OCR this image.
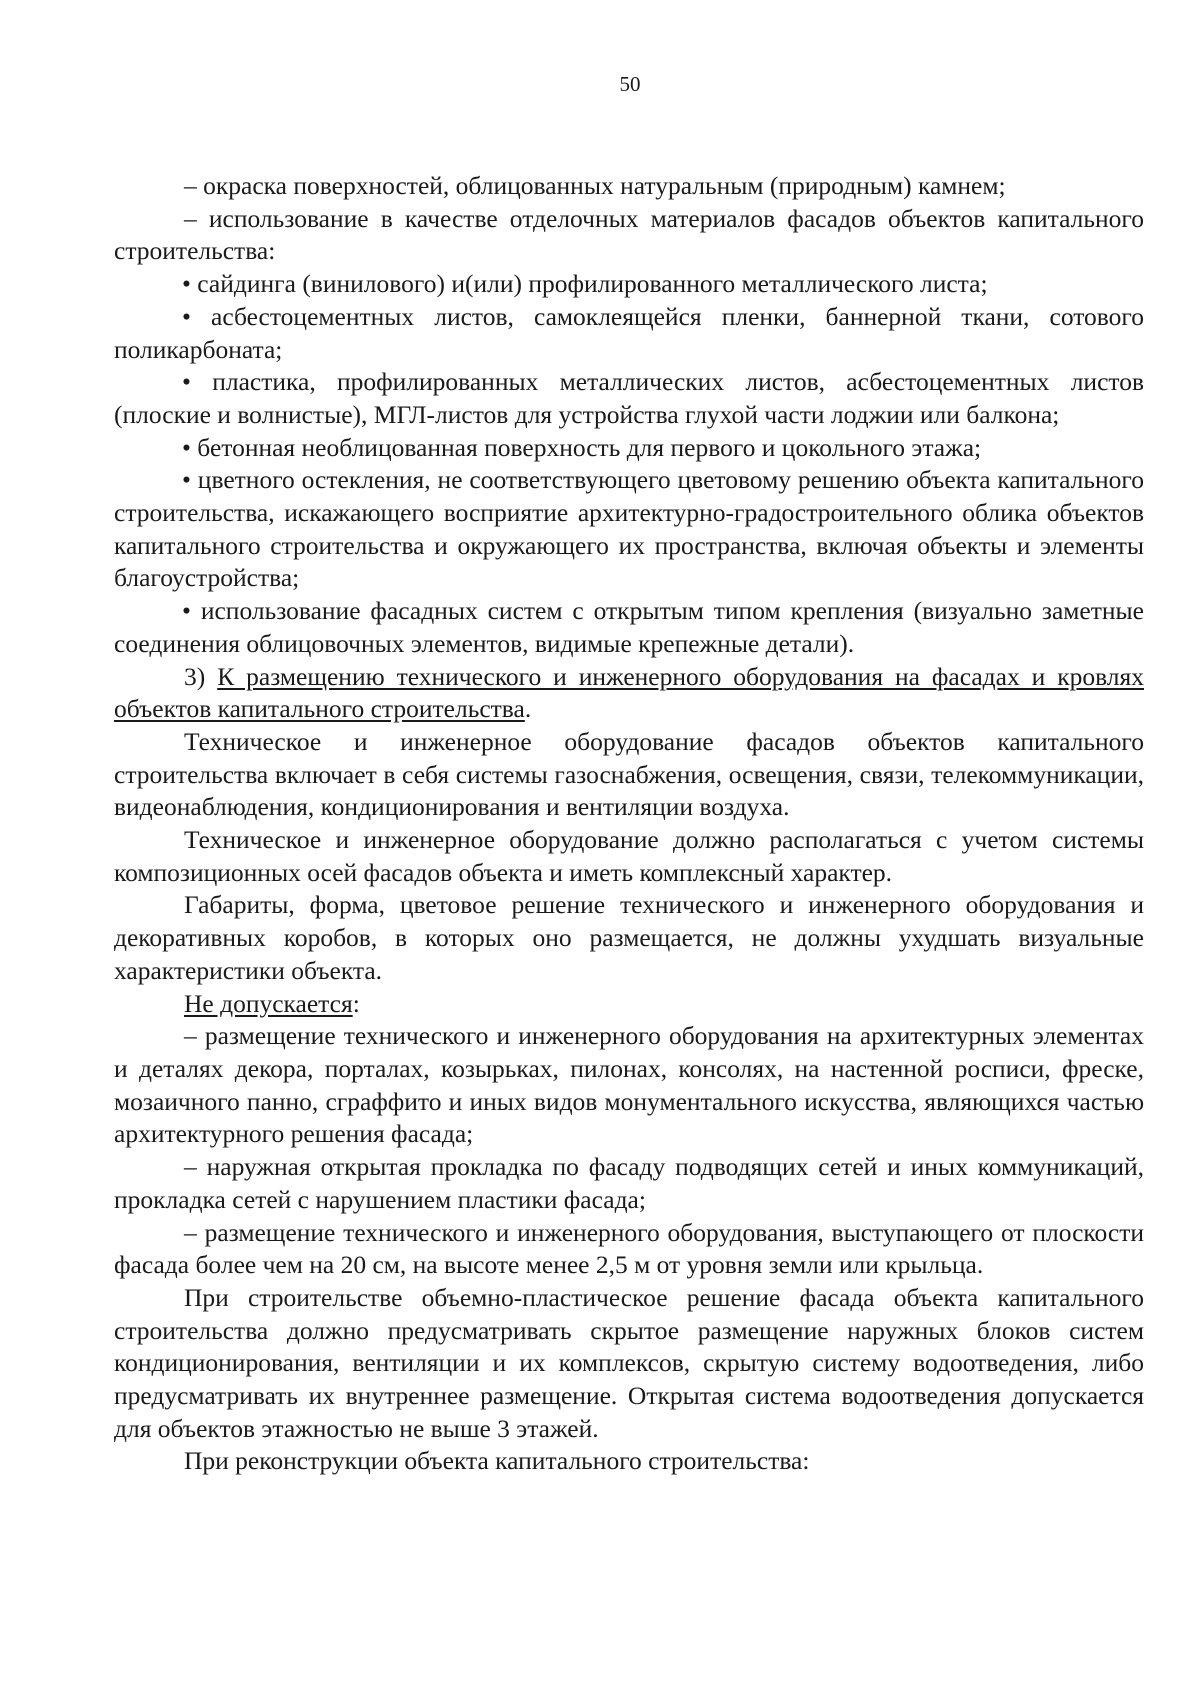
50

– окраска поверхностей, облицованных натуральным (природным) камнем;

– использование в качестве отделочных материалов фасадов объектов капитального строительства:

• сайдинга (винилового) и(или) профилированного металлического листа;

• асбестоцементных листов, самоклеящейся пленки, баннерной ткани, сотового поликарбоната;

• пластика, профилированных металлических листов, асбестоцементных листов (плоские и волнистые), МГЛ-листов для устройства глухой части лоджии или балкона;

• бетонная необлицованная поверхность для первого и цокольного этажа;

• цветного остекления, не соответствующего цветовому решению объекта капитального строительства, искажающего восприятие архитектурно-градостроительного облика объектов капитального строительства и окружающего их пространства, включая объекты и элементы благоустройства;

• использование фасадных систем с открытым типом крепления (визуально заметные соединения облицовочных элементов, видимые крепежные детали).

3) К размещению технического и инженерного оборудования на фасадах и кровлях объектов капитального строительства.

Техническое и инженерное оборудование фасадов объектов капитального строительства включает в себя системы газоснабжения, освещения, связи, телекоммуникации, видеонаблюдения, кондиционирования и вентиляции воздуха.

Техническое и инженерное оборудование должно располагаться с учетом системы композиционных осей фасадов объекта и иметь комплексный характер.

Габариты, форма, цветовое решение технического и инженерного оборудования и декоративных коробов, в которых оно размещается, не должны ухудшать визуальные характеристики объекта.

Не допускается:

– размещение технического и инженерного оборудования на архитектурных элементах и деталях декора, порталах, козырьках, пилонах, консолях, на настенной росписи, фреске, мозаичного панно, сграффито и иных видов монументального искусства, являющихся частью архитектурного решения фасада;

– наружная открытая прокладка по фасаду подводящих сетей и иных коммуникаций, прокладка сетей с нарушением пластики фасада;

– размещение технического и инженерного оборудования, выступающего от плоскости фасада более чем на 20 см, на высоте менее 2,5 м от уровня земли или крыльца.

При строительстве объемно-пластическое решение фасада объекта капитального строительства должно предусматривать скрытое размещение наружных блоков систем кондиционирования, вентиляции и их комплексов, скрытую систему водоотведения, либо предусматривать их внутреннее размещение. Открытая система водоотведения допускается для объектов этажностью не выше 3 этажей.

При реконструкции объекта капитального строительства:
